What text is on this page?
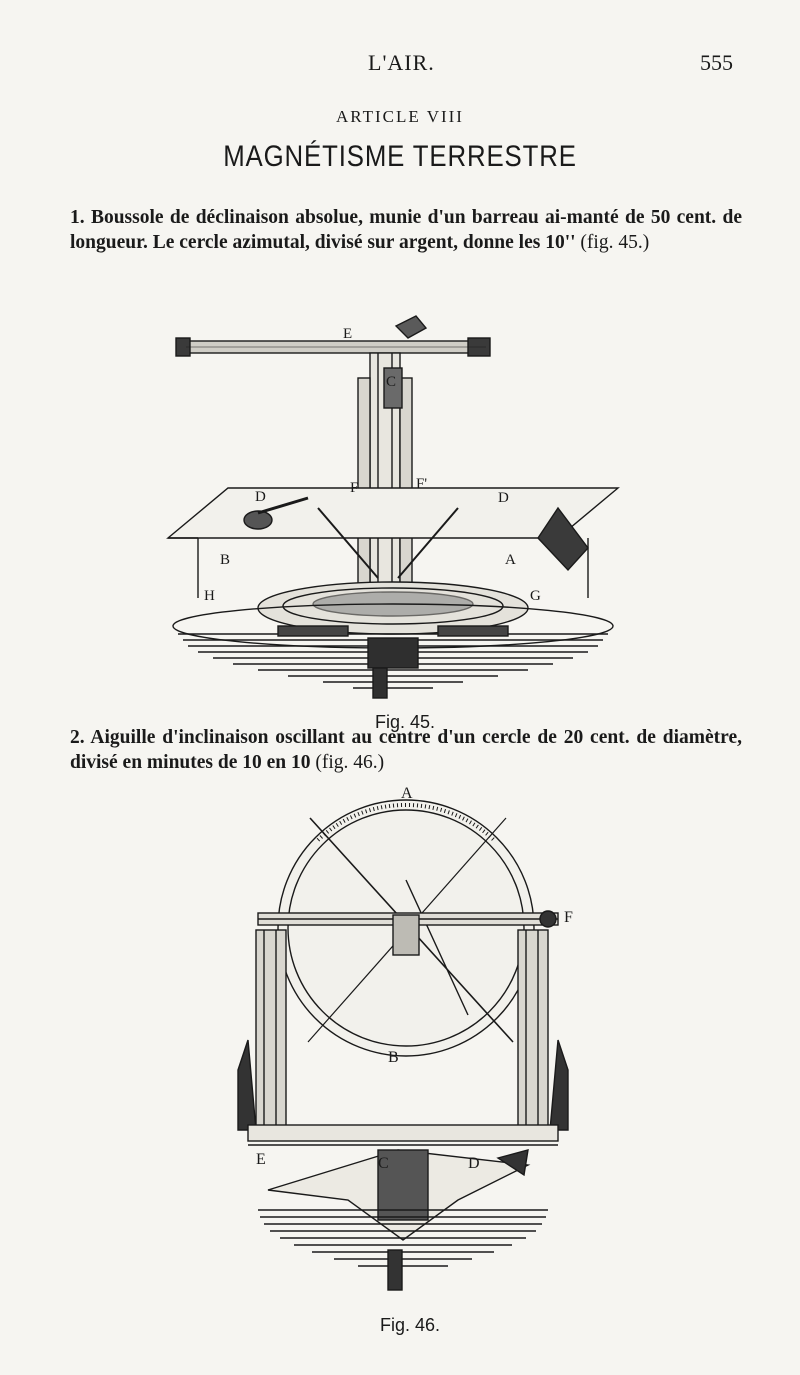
L'AIR.	555
ARTICLE VIII
MAGNÉTISME TERRESTRE
1. Boussole de déclinaison absolue, munie d'un barreau ai-manté de 50 cent. de longueur. Le cercle azimutal, divisé sur argent, donne les 10'' (fig. 45.)
E
C
D
F	F'
D
B	A
H	G
Fig. 45.
2. Aiguille d'inclinaison oscillant au centre d'un cercle de 20 cent. de diamètre, divisé en minutes de 10 en 10 (fig. 46.)
A
F
B
E	C	D
Fig. 46.
